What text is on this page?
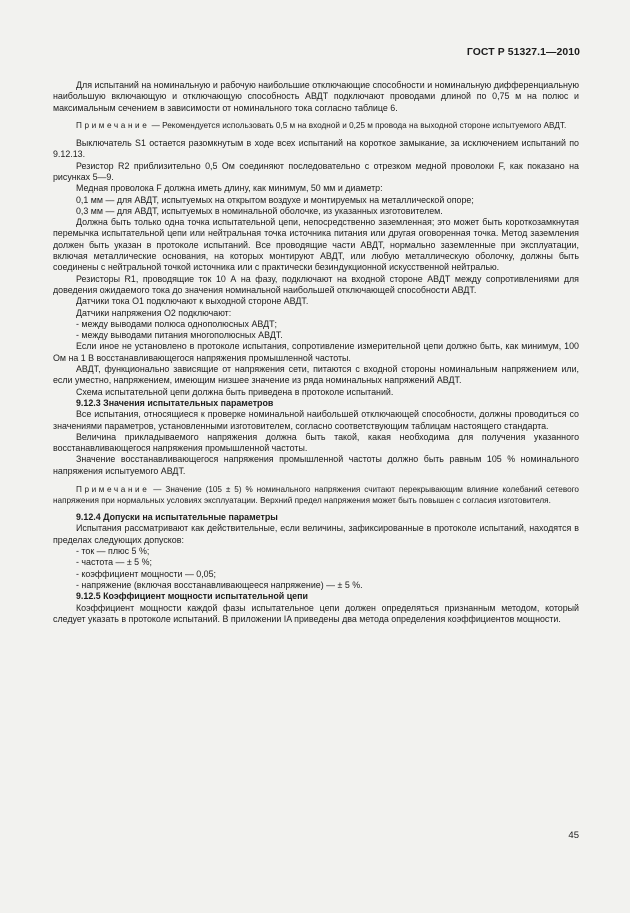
ГОСТ Р 51327.1—2010

Для испытаний на номинальную и рабочую наибольшие отключающие способности и номинальную дифференциальную наибольшую включающую и отключающую способность АВДТ подключают проводами длиной по 0,75 м на полюс и максимальным сечением в зависимости от номинального тока согласно таблице 6.

Примечание — Рекомендуется использовать 0,5 м на входной и 0,25 м провода на выходной стороне испытуемого АВДТ.

Выключатель S1 остается разомкнутым в ходе всех испытаний на короткое замыкание, за исключением испытаний по 9.12.13.

Резистор R2 приблизительно 0,5 Ом соединяют последовательно с отрезком медной проволоки F, как показано на рисунках 5—9.

Медная проволока F должна иметь длину, как минимум, 50 мм и диаметр:

0,1 мм — для АВДТ, испытуемых на открытом воздухе и монтируемых на металлической опоре;

0,3 мм — для АВДТ, испытуемых в номинальной оболочке, из указанных изготовителем.

Должна быть только одна точка испытательной цепи, непосредственно заземленная; это может быть короткозамкнутая перемычка испытательной цепи или нейтральная точка источника питания или другая оговоренная точка. Метод заземления должен быть указан в протоколе испытаний. Все проводящие части АВДТ, нормально заземленные при эксплуатации, включая металлические основания, на которых монтируют АВДТ, или любую металлическую оболочку, должны быть соединены с нейтральной точкой источника или с практически безиндукционной искусственной нейтралью.

Резисторы R1, проводящие ток 10 А на фазу, подключают на входной стороне АВДТ между сопротивлениями для доведения ожидаемого тока до значения номинальной наибольшей отключающей способности АВДТ.

Датчики тока O1 подключают к выходной стороне АВДТ.

Датчики напряжения O2 подключают:

- между выводами полюса однополюсных АВДТ;

- между выводами питания многополюсных АВДТ.

Если иное не установлено в протоколе испытания, сопротивление измерительной цепи должно быть, как минимум, 100 Ом на 1 В восстанавливающегося напряжения промышленной частоты.

АВДТ, функционально зависящие от напряжения сети, питаются с входной стороны номинальным напряжением или, если уместно, напряжением, имеющим низшее значение из ряда номинальных напряжений АВДТ.

Схема испытательной цепи должна быть приведена в протоколе испытаний.

9.12.3 Значения испытательных параметров

Все испытания, относящиеся к проверке номинальной наибольшей отключающей способности, должны проводиться со значениями параметров, установленными изготовителем, согласно соответствующим таблицам настоящего стандарта.

Величина прикладываемого напряжения должна быть такой, какая необходима для получения указанного восстанавливающегося напряжения промышленной частоты.

Значение восстанавливающегося напряжения промышленной частоты должно быть равным 105 % номинального напряжения испытуемого АВДТ.

Примечание — Значение (105 ± 5) % номинального напряжения считают перекрывающим влияние колебаний сетевого напряжения при нормальных условиях эксплуатации. Верхний предел напряжения может быть повышен с согласия изготовителя.

9.12.4 Допуски на испытательные параметры

Испытания рассматривают как действительные, если величины, зафиксированные в протоколе испытаний, находятся в пределах следующих допусков:

- ток — плюс 5 %;

- частота — ± 5 %;

- коэффициент мощности — 0,05;

- напряжение (включая восстанавливающееся напряжение) — ± 5 %.

9.12.5 Коэффициент мощности испытательной цепи

Коэффициент мощности каждой фазы испытательное цепи должен определяться признанным методом, который следует указать в протоколе испытаний. В приложении IA приведены два метода определения коэффициентов мощности.

45
